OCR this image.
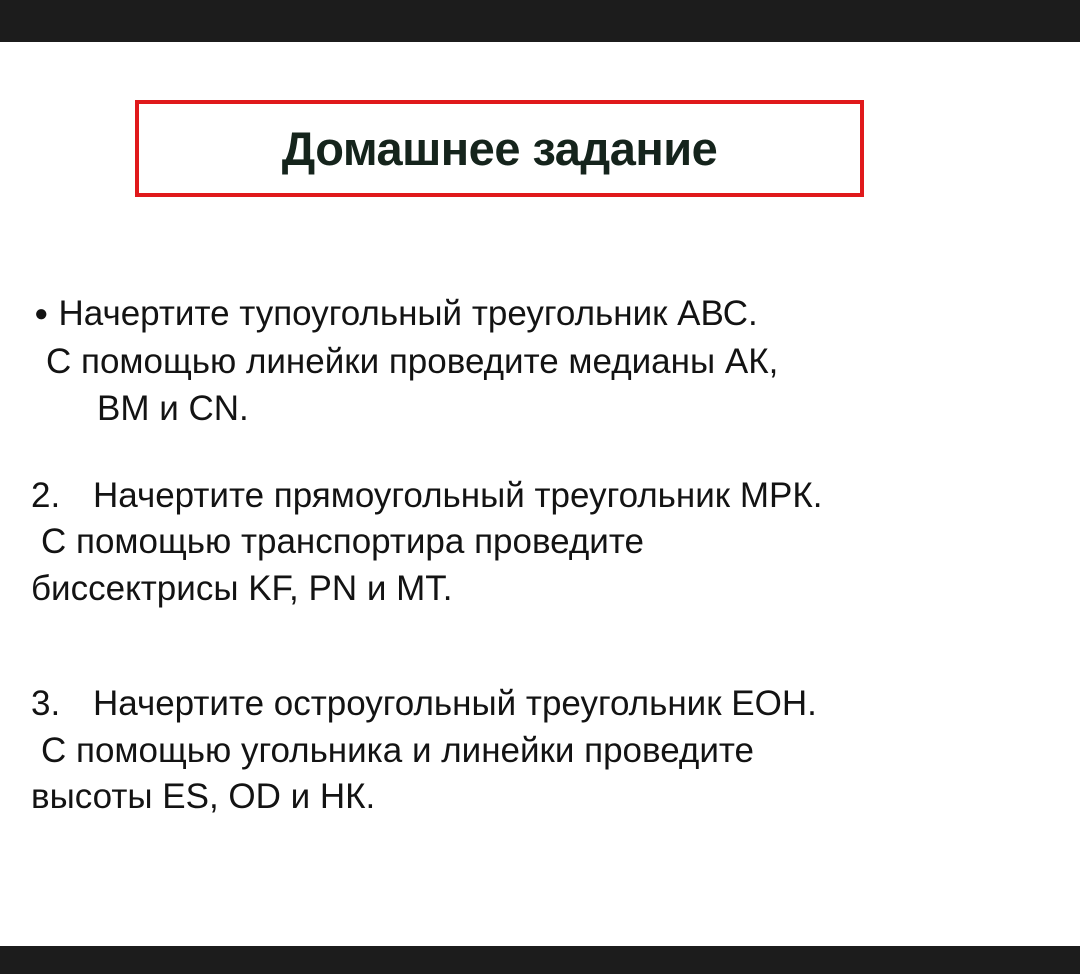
Домашнее задание
● Начертите тупоугольный треугольник АВС.
С помощью линейки проведите медианы АК,
ВМ и СN.
2. Начертите прямоугольный треугольник МРК.
С помощью транспортира проведите
биссектрисы KF, PN и МТ.
3. Начертите остроугольный треугольник ЕОН.
С помощью угольника и линейки проведите
высоты ES, OD и НК.
